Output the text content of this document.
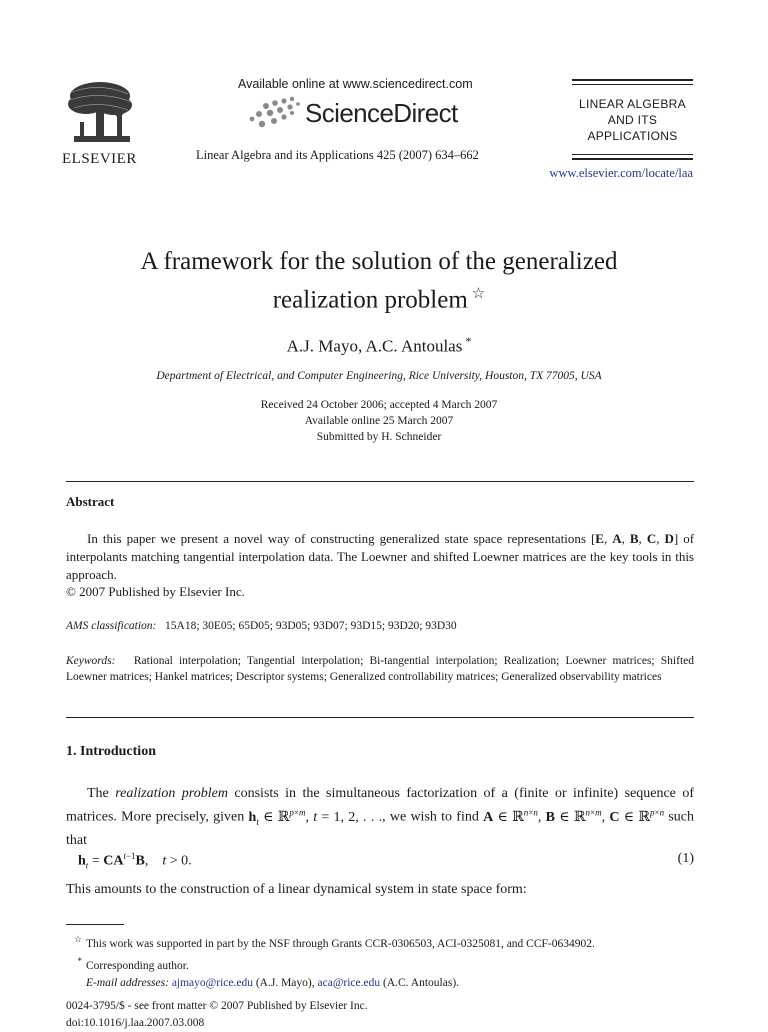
ELSEVIER
Available online at www.sciencedirect.com
ScienceDirect
Linear Algebra and its Applications 425 (2007) 634–662
LINEAR ALGEBRA
AND ITS
APPLICATIONS
www.elsevier.com/locate/laa
A framework for the solution of the generalized
realization problem ☆
A.J. Mayo, A.C. Antoulas *
Department of Electrical, and Computer Engineering, Rice University, Houston, TX 77005, USA
Received 24 October 2006; accepted 4 March 2007
Available online 25 March 2007
Submitted by H. Schneider
Abstract
In this paper we present a novel way of constructing generalized state space representations [E, A, B, C, D] of interpolants matching tangential interpolation data. The Loewner and shifted Loewner matrices are the key tools in this approach.
© 2007 Published by Elsevier Inc.
AMS classification: 15A18; 30E05; 65D05; 93D05; 93D07; 93D15; 93D20; 93D30
Keywords: Rational interpolation; Tangential interpolation; Bi-tangential interpolation; Realization; Loewner matrices; Shifted Loewner matrices; Hankel matrices; Descriptor systems; Generalized controllability matrices; Generalized observability matrices
1. Introduction
The realization problem consists in the simultaneous factorization of a (finite or infinite) sequence of matrices. More precisely, given $h_t$ ∈ ℝ$^{p\times m}$, t = 1, 2, . . ., we wish to find A ∈ ℝ$^{n\times n}$, B ∈ ℝ$^{n\times m}$, C ∈ ℝ$^{p\times n}$ such that
$h_t = CA^{t-1}B$,    t > 0.	(1)
This amounts to the construction of a linear dynamical system in state space form:
☆ This work was supported in part by the NSF through Grants CCR-0306503, ACI-0325081, and CCF-0634902.
* Corresponding author.
E-mail addresses: ajmayo@rice.edu (A.J. Mayo), aca@rice.edu (A.C. Antoulas).
0024-3795/$ - see front matter © 2007 Published by Elsevier Inc.
doi:10.1016/j.laa.2007.03.008
